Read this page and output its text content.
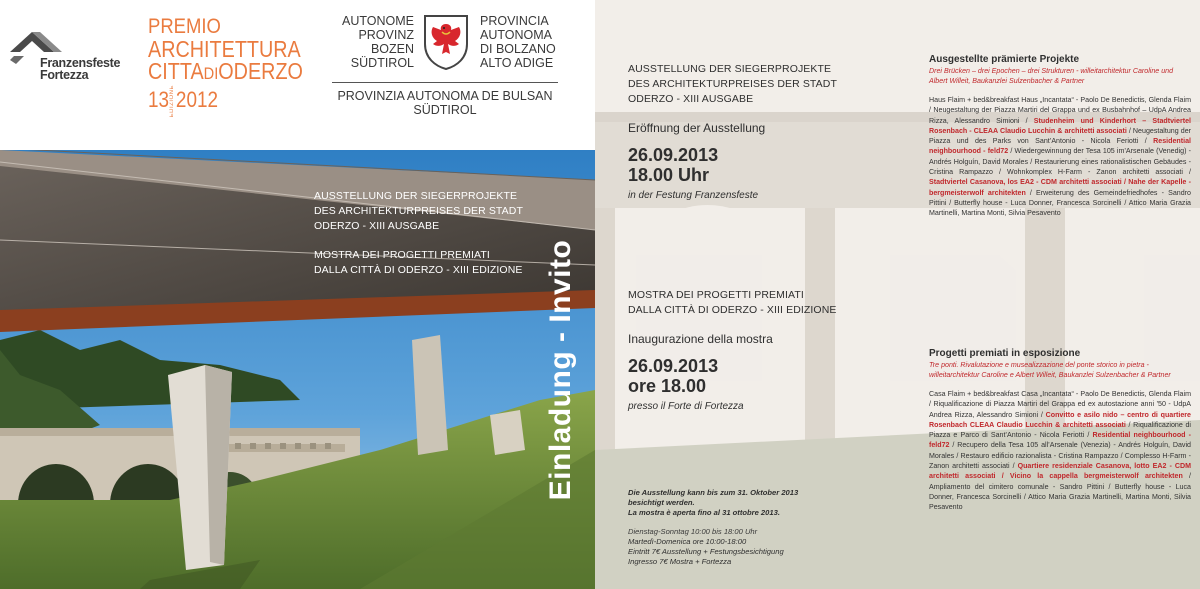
Franzensfeste
Fortezza
PREMIO
ARCHITETTURA
CITTADIODERZO
13EDIZIONE2012
AUTONOME
PROVINZ
BOZEN
SÜDTIROL
PROVINCIA
AUTONOMA
DI BOLZANO
ALTO ADIGE
PROVINZIA AUTONOMA DE BULSAN
SÜDTIROL
AUSSTELLUNG DER SIEGERPROJEKTE
DES ARCHITEKTURPREISES DER STADT
ODERZO - XIII AUSGABE
MOSTRA DEI PROGETTI PREMIATI
DALLA CITTÀ DI ODERZO - XIII EDIZIONE Einladung - Invito
AUSSTELLUNG DER SIEGERPROJEKTE
DES ARCHITEKTURPREISES DER STADT
ODERZO - XIII AUSGABE
Eröffnung der Ausstellung
26.09.2013
18.00 Uhr
in der Festung Franzensfeste
MOSTRA DEI PROGETTI PREMIATI
DALLA CITTÀ DI ODERZO - XIII EDIZIONE
Inaugurazione della mostra
26.09.2013
ore 18.00
presso il Forte di Fortezza
Die Ausstellung kann bis zum 31. Oktober 2013
besichtigt werden.
La mostra è aperta fino al 31 ottobre 2013.
Dienstag-Sonntag 10:00 bis 18:00 Uhr
Martedì-Domenica ore 10:00-18:00
Eintritt 7€ Ausstellung + Festungsbesichtigung
Ingresso 7€ Mostra + Fortezza
Ausgestellte prämierte Projekte
Drei Brücken – drei Epochen – drei Strukturen - willeitarchitektur Caroline und Albert Willeit, Baukanzlei Sulzenbacher & Partner
Haus Flaim + bed&breakfast Haus „Incantata“ - Paolo De Benedictis, Glenda Flaim / Neugestaltung der Piazza Martiri del Grappa und ex Busbahnhof – UdpA Andrea Rizza, Alessandro Simioni / Studenheim und Kinderhort – Stadtviertel Rosenbach - CLEAA Claudio Lucchin & architetti associati / Neugestaltung der Piazza und des Parks von Sant’Antonio - Nicola Feriotti / Residential neighbourhood - feld72 / Wiedergewinnung der Tesa 105 im’Arsenale (Venedig) - Andrés Holguín, David Morales / Restaurierung eines rationalistischen Gebäudes - Cristina Rampazzo / Wohnkomplex H-Farm - Zanon architetti associati / Stadtviertel Casanova, los EA2 - CDM architetti associati / Nahe der Kapelle - bergmeisterwolf architekten / Erweiterung des Gemeindefriedhofes - Sandro Pittini / Butterfly house - Luca Donner, Francesca Sorcinelli / Attico Maria Grazia Martinelli, Martina Monti, Silvia Pesavento
Progetti premiati in esposizione
Tre ponti. Rivalutazione e musealizzazione del ponte storico in pietra - willeitarchitektur Caroline e Albert Willeit, Baukanzlei Sulzenbacher & Partner
Casa Flaim + bed&breakfast Casa „Incantata“ - Paolo De Benedictis, Glenda Flaim / Riqualificazione di Piazza Martiri del Grappa ed ex autostazione anni ’50 - UdpA Andrea Rizza, Alessandro Simioni / Convitto e asilo nido – centro di quartiere Rosenbach CLEAA Claudio Lucchin & architetti associati / Riqualificazione di Piazza e Parco di Sant’Antonio - Nicola Feriotti / Residential neighbourhood - feld72 / Recupero della Tesa 105 all’Arsenale (Venezia) - Andrés Holguín, David Morales / Restauro edificio razionalista - Cristina Rampazzo / Complesso H-Farm - Zanon architetti associati / Quartiere residenziale Casanova, lotto EA2 - CDM architetti associati / Vicino la cappella bergmeisterwolf architekten / Ampliamento del cimitero comunale - Sandro Pittini / Butterfly house - Luca Donner, Francesca Sorcinelli / Attico Maria Grazia Martinelli, Martina Monti, Silvia Pesavento
